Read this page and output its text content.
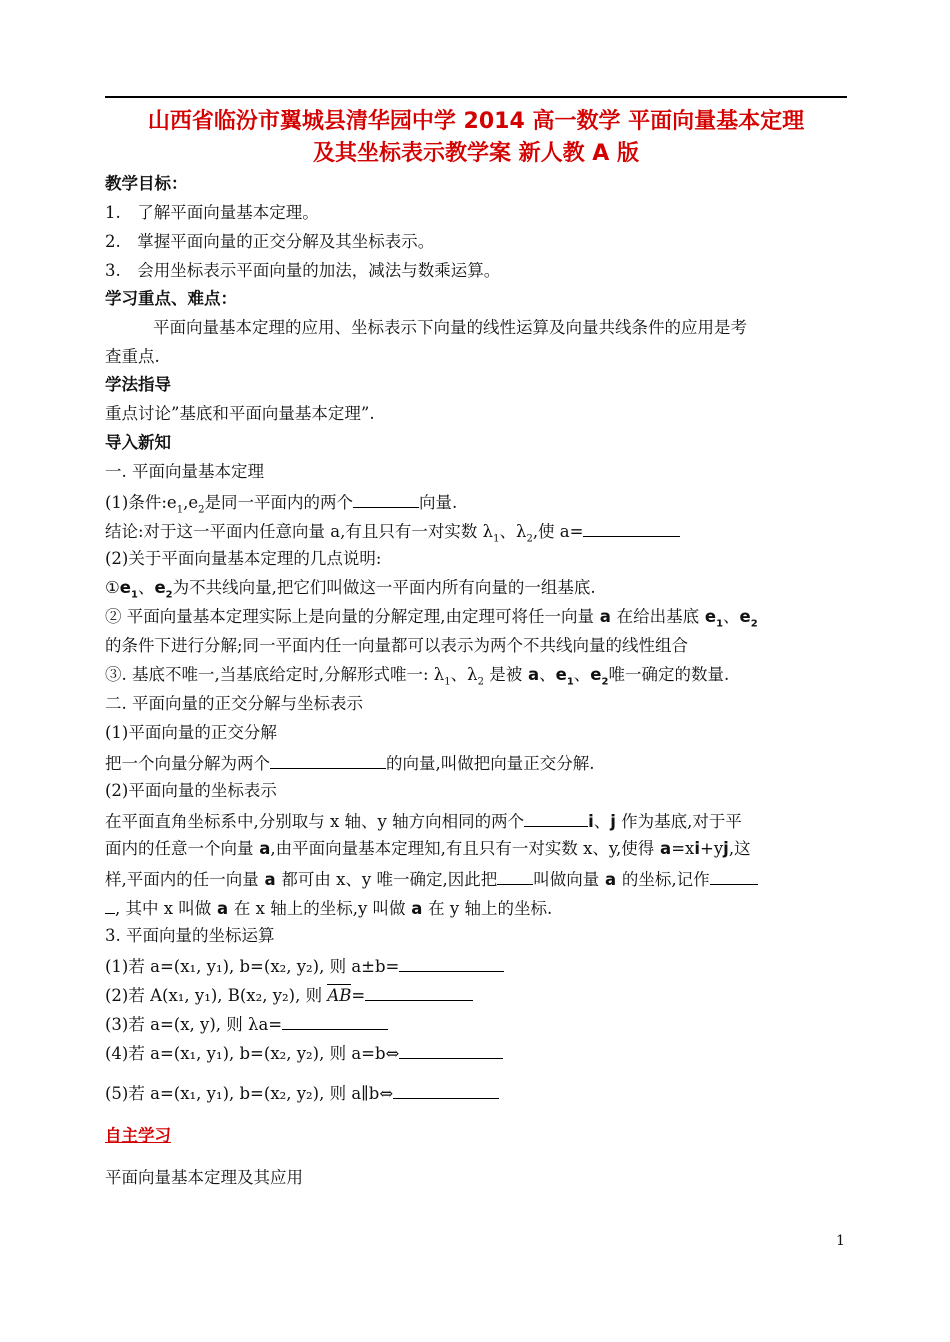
山西省临汾市翼城县清华园中学 2014 高一数学 平面向量基本定理
及其坐标表示教学案 新人教 A 版
教学目标：
1.　了解平面向量基本定理。
2.　掌握平面向量的正交分解及其坐标表示。
3.　会用坐标表示平面向量的加法，减法与数乘运算。
学习重点、难点：
平面向量基本定理的应用、坐标表示下向量的线性运算及向量共线条件的应用是考
查重点.
学法指导
重点讨论”基底和平面向量基本定理”.
导入新知
一. 平面向量基本定理
(1)条件$:e_1,e_2$是同一平面内的两个	向量.
结论:对于这一平面内任意向量 a,有且只有一对实数 $\lambda_1$、$\lambda_2$,使 a=
(2)关于平面向量基本定理的几点说明:
$①e_1$、$e_2$为不共线向量,把它们叫做这一平面内所有向量的一组基底.
② 平面向量基本定理实际上是向量的分解定理,由定理可将任一向量 a 在给出基底 $e_1$、$e_2$
的条件下进行分解;同一平面内任一向量都可以表示为两个不共线向量的线性组合
③. 基底不唯一,当基底给定时,分解形式唯一: $\lambda_1$、$\lambda_2$ 是被 a、$e_1$、$e_2$唯一确定的数量.
二. 平面向量的正交分解与坐标表示
(1)平面向量的正交分解
把一个向量分解为两个	的向量,叫做把向量正交分解.
(2)平面向量的坐标表示
在平面直角坐标系中,分别取与 x 轴、y 轴方向相同的两个	i、j 作为基底,对于平
面内的任意一个向量 a,由平面向量基本定理知,有且只有一对实数 x、y,使得 a=xi+yj,这
样,平面内的任一向量 a 都可由 x、y 唯一确定,因此把 叫做向量 a 的坐标,记作
, 其中 x 叫做 a 在 x 轴上的坐标,y 叫做 a 在 y 轴上的坐标.
3. 平面向量的坐标运算
(1)若 a=(x₁, y₁), b=(x₂, y₂), 则 a±b=
(2)若 A(x₁, y₁), B(x₂, y₂), 则 AB=
(3)若 a=(x, y), 则 λa=
(4)若 a=(x₁, y₁), b=(x₂, y₂), 则 a=b⇔
(5)若 a=(x₁, y₁), b=(x₂, y₂), 则 a∥b⇔
自主学习
平面向量基本定理及其应用
1
